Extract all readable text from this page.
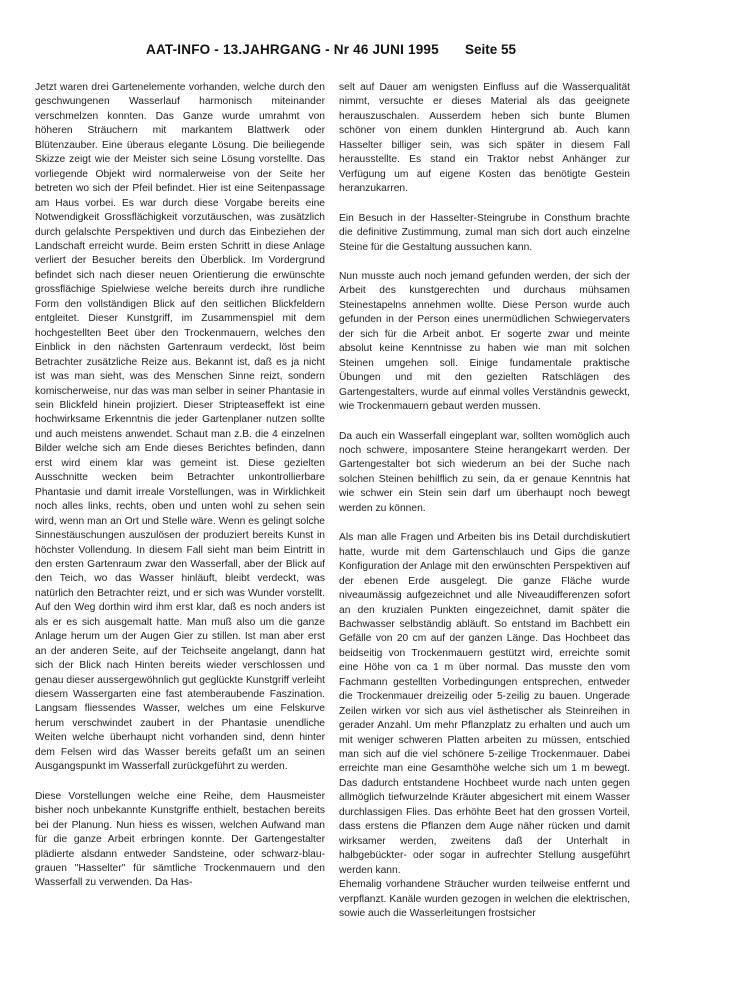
AAT-INFO - 13.JAHRGANG - Nr 46 JUNI 1995 Seite 55

Jetzt waren drei Gartenelemente vorhanden, welche durch den geschwungenen Wasserlauf harmonisch miteinander verschmelzen konnten. Das Ganze wurde umrahmt von höheren Sträuchern mit markantem Blattwerk oder Blütenzauber. Eine überaus elegante Lösung. Die beiliegende Skizze zeigt wie der Meister sich seine Lösung vorstellte. Das vorliegende Objekt wird normalerweise von der Seite her betreten wo sich der Pfeil befindet. Hier ist eine Seitenpassage am Haus vorbei. Es war durch diese Vorgabe bereits eine Notwendigkeit Grossflächigkeit vorzutäuschen, was zusätzlich durch gelalschte Perspektiven und durch das Einbeziehen der Landschaft erreicht wurde. Beim ersten Schritt in diese Anlage verliert der Besucher bereits den Überblick. Im Vordergrund befindet sich nach dieser neuen Orientierung die erwünschte grossflächige Spielwiese welche bereits durch ihre rundliche Form den vollständigen Blick auf den seitlichen Blickfeldern entgleitet. Dieser Kunstgriff, im Zusammenspiel mit dem hochgestellten Beet über den Trockenmauern, welches den Einblick in den nächsten Gartenraum verdeckt, löst beim Betrachter zusätzliche Reize aus. Bekannt ist, daß es ja nicht ist was man sieht, was des Menschen Sinne reizt, sondern komischerweise, nur das was man selber in seiner Phantasie in sein Blickfeld hinein projiziert. Dieser Stripteaseffekt ist eine hochwirksame Erkenntnis die jeder Gartenplaner nutzen sollte und auch meistens anwendet. Schaut man z.B. die 4 einzelnen Bilder welche sich am Ende dieses Berichtes befinden, dann erst wird einem klar was gemeint ist. Diese gezielten Ausschnitte wecken beim Betrachter unkontrollierbare Phantasie und damit irreale Vorstellungen, was in Wirklichkeit noch alles links, rechts, oben und unten wohl zu sehen sein wird, wenn man an Ort und Stelle wäre. Wenn es gelingt solche Sinnestäuschungen auszulösen der produziert bereits Kunst in höchster Vollendung. In diesem Fall sieht man beim Eintritt in den ersten Gartenraum zwar den Wasserfall, aber der Blick auf den Teich, wo das Wasser hinläuft, bleibt verdeckt, was natürlich den Betrachter reizt, und er sich was Wunder vorstellt. Auf den Weg dorthin wird ihm erst klar, daß es noch anders ist als er es sich ausgemalt hatte. Man muß also um die ganze Anlage herum um der Augen Gier zu stillen. Ist man aber erst an der anderen Seite, auf der Teichseite angelangt, dann hat sich der Blick nach Hinten bereits wieder verschlossen und genau dieser aussergewöhnlich gut geglückte Kunstgriff verleiht diesem Wassergarten eine fast atemberaubende Faszination. Langsam fliessendes Wasser, welches um eine Felskurve herum verschwindet zaubert in der Phantasie unendliche Weiten welche überhaupt nicht vorhanden sind, denn hinter dem Felsen wird das Wasser bereits gefaßt um an seinen Ausgangspunkt im Wasserfall zurückgeführt zu werden.

Diese Vorstellungen welche eine Reihe, dem Hausmeister bisher noch unbekannte Kunstgriffe enthielt, bestachen bereits bei der Planung. Nun hiess es wissen, welchen Aufwand man für die ganze Arbeit erbringen konnte. Der Gartengestalter plädierte alsdann entweder Sandsteine, oder schwarz-blau-grauen "Hasselter" für sämtliche Trockenmauern und den Wasserfall zu verwenden. Da Has-

selt auf Dauer am wenigsten Einfluss auf die Wasserqualität nimmt, versuchte er dieses Material als das geeignete herauszuschalen. Ausserdem heben sich bunte Blumen schöner von einem dunklen Hintergrund ab. Auch kann Hasselter billiger sein, was sich später in diesem Fall herausstellte. Es stand ein Traktor nebst Anhänger zur Verfügung um auf eigene Kosten das benötigte Gestein heranzukarren.

Ein Besuch in der Hasselter-Steingrube in Consthum brachte die definitive Zustimmung, zumal man sich dort auch einzelne Steine für die Gestaltung aussuchen kann.

Nun musste auch noch jemand gefunden werden, der sich der Arbeit des kunstgerechten und durchaus mühsamen Steinestapelns annehmen wollte. Diese Person wurde auch gefunden in der Person eines unermüdlichen Schwiegervaters der sich für die Arbeit anbot. Er sogerte zwar und meinte absolut keine Kenntnisse zu haben wie man mit solchen Steinen umgehen soll. Einige fundamentale praktische Übungen und mit den gezielten Ratschlägen des Gartengestalters, wurde auf einmal volles Verständnis geweckt, wie Trockenmauern gebaut werden mussen.

Da auch ein Wasserfall eingeplant war, sollten womöglich auch noch schwere, imposantere Steine herangekarrt werden. Der Gartengestalter bot sich wiederum an bei der Suche nach solchen Steinen behilflich zu sein, da er genaue Kenntnis hat wie schwer ein Stein sein darf um überhaupt noch bewegt werden zu können.

Als man alle Fragen und Arbeiten bis ins Detail durchdiskutiert hatte, wurde mit dem Gartenschlauch und Gips die ganze Konfiguration der Anlage mit den erwünschten Perspektiven auf der ebenen Erde ausgelegt. Die ganze Fläche wurde niveaumässig aufgezeichnet und alle Niveaudifferenzen sofort an den kruzialen Punkten eingezeichnet, damit später die Bachwasser selbständig abläuft. So entstand im Bachbett ein Gefälle von 20 cm auf der ganzen Länge. Das Hochbeet das beidseitig von Trockenmauern gestützt wird, erreichte somit eine Höhe von ca 1 m über normal. Das musste den vom Fachmann gestellten Vorbedingungen entsprechen, entweder die Trockenmauer dreizeilig oder 5-zeilig zu bauen. Ungerade Zeilen wirken vor sich aus viel ästhetischer als Steinreihen in gerader Anzahl. Um mehr Pflanzplatz zu erhalten und auch um mit weniger schweren Platten arbeiten zu müssen, entschied man sich auf die viel schönere 5-zeilige Trockenmauer. Dabei erreichte man eine Gesamthöhe welche sich um 1 m bewegt. Das dadurch entstandene Hochbeet wurde nach unten gegen allmöglich tiefwurzelnde Kräuter abgesichert mit einem Wasser durchlassigen Flies. Das erhöhte Beet hat den grossen Vorteil, dass erstens die Pflanzen dem Auge näher rücken und damit wirksamer werden, zweitens daß der Unterhalt in halbgebückter- oder sogar in aufrechter Stellung ausgeführt werden kann.

Ehemalig vorhandene Sträucher wurden teilweise entfernt und verpflanzt. Kanäle wurden gezogen in welchen die elektrischen, sowie auch die Wasserleitungen frostsicher
